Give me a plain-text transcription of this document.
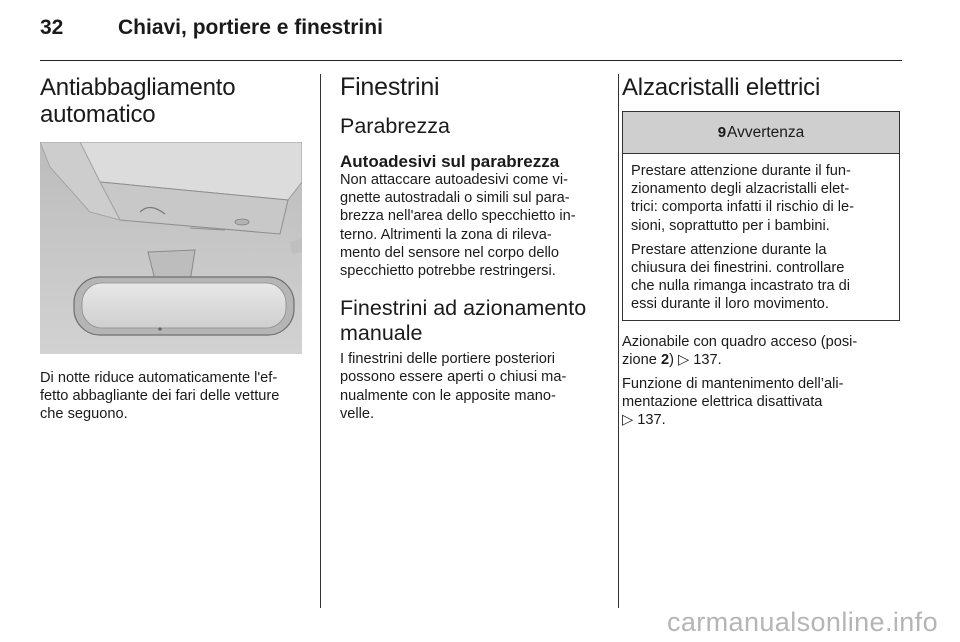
32	Chiavi, portiere e finestrini
Antiabbagliamento
automatico

Di notte riduce automaticamente l'ef-
fetto abbagliante dei fari delle vetture
che seguono.

Finestrini
Parabrezza
Autoadesivi sul parabrezza

Non attaccare autoadesivi come vi-
gnette autostradali o simili sul para-
brezza nell'area dello specchietto in-
terno. Altrimenti la zona di rileva-
mento del sensore nel corpo dello
specchietto potrebbe restringersi.

Finestrini ad azionamento
manuale

I finestrini delle portiere posteriori
possono essere aperti o chiusi ma-
nualmente con le apposite mano-
velle.

Alzacristalli elettrici
9 Avvertenza

Prestare attenzione durante il fun-
zionamento degli alzacristalli elet-
trici: comporta infatti il rischio di le-
sioni, soprattutto per i bambini.

Prestare attenzione durante la
chiusura dei finestrini. controllare
che nulla rimanga incastrato tra di
essi durante il loro movimento.

Azionabile con quadro acceso (posi-
zione 2) ▷ 137.

Funzione di mantenimento dell’ali-
mentazione elettrica disattivata
▷ 137.

carmanualsonline.info
